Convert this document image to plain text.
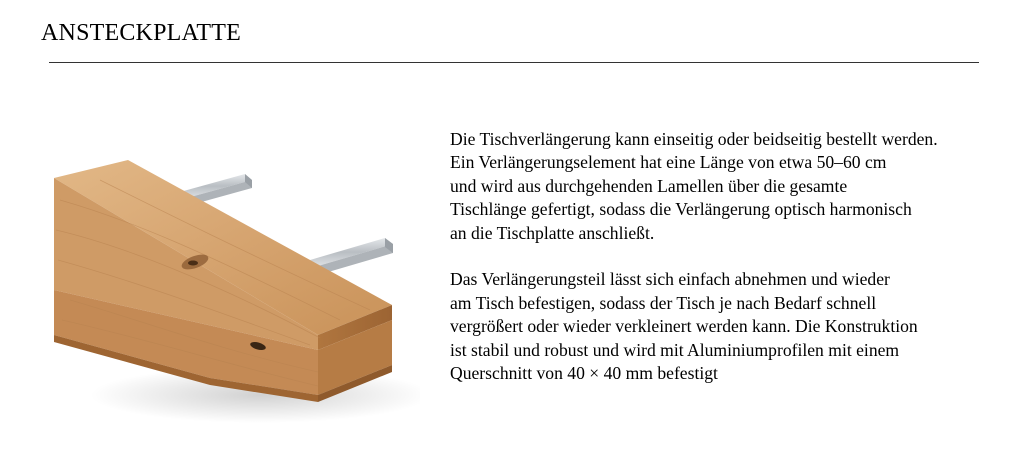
ANSTECKPLATTE

Die Tischverlängerung kann einseitig oder beidseitig bestellt werden.
Ein Verlängerungselement hat eine Länge von etwa 50–60 cm
und wird aus durchgehenden Lamellen über die gesamte
Tischlänge gefertigt, sodass die Verlängerung optisch harmonisch
an die Tischplatte anschließt.

Das Verlängerungsteil lässt sich einfach abnehmen und wieder
am Tisch befestigen, sodass der Tisch je nach Bedarf schnell
vergrößert oder wieder verkleinert werden kann. Die Konstruktion
ist stabil und robust und wird mit Aluminiumprofilen mit einem
Querschnitt von 40 × 40 mm befestigt
